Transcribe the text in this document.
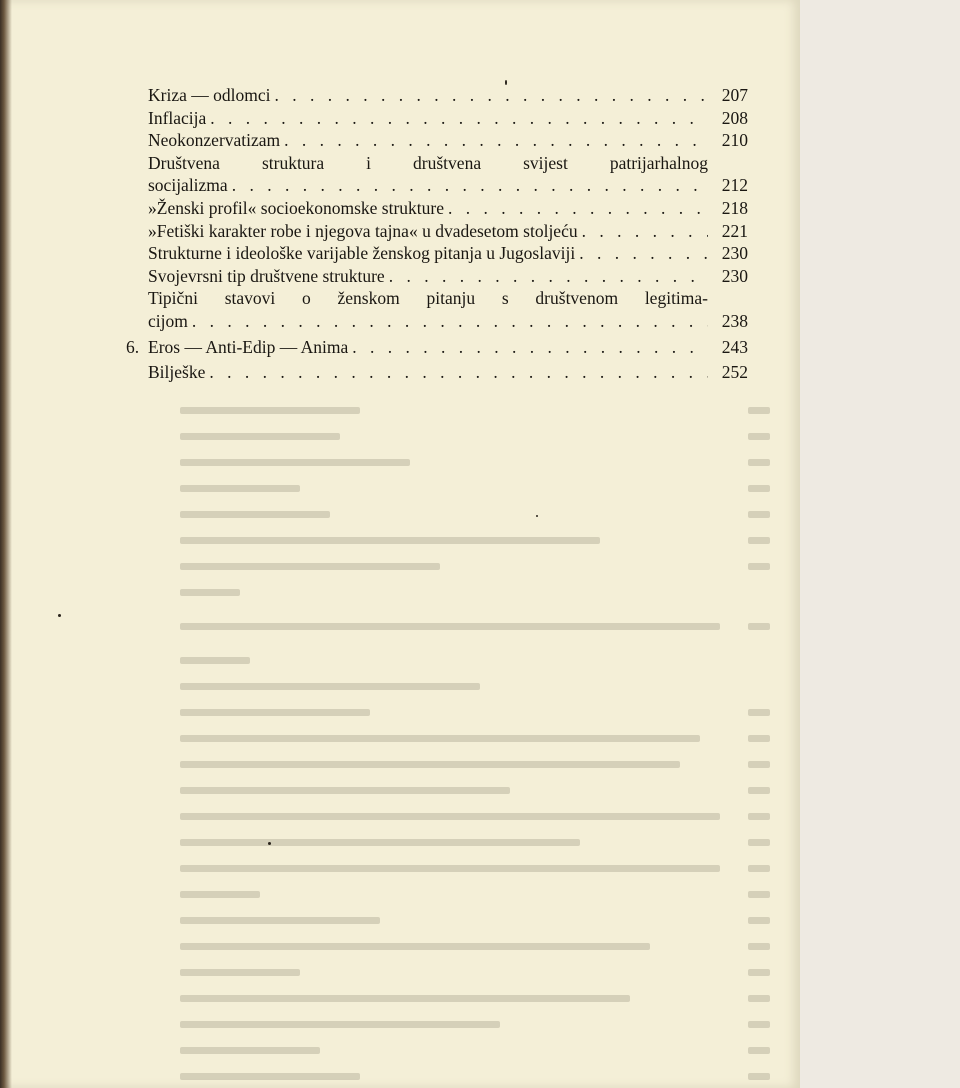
Kriza — odlomci . . .	207
Inflacija . . .	208
Neokonzervatizam . . .	210
Društvena struktura i društvena svijest patrijarhalnog
socijalizma . . .	212
»Ženski profil« socioekonomske strukture . . .	218
»Fetiški karakter robe i njegova tajna« u dvadesetom stoljeću . . .	221
Strukturne i ideološke varijable ženskog pitanja u Jugoslaviji . . .	230
Svojevrsni tip društvene strukture . . .	230
Tipični stavovi o ženskom pitanju s društvenom legitima-
cijom . . .	238
6. Eros — Anti-Edip — Anima . . .	243
Bilješke . . .	252
